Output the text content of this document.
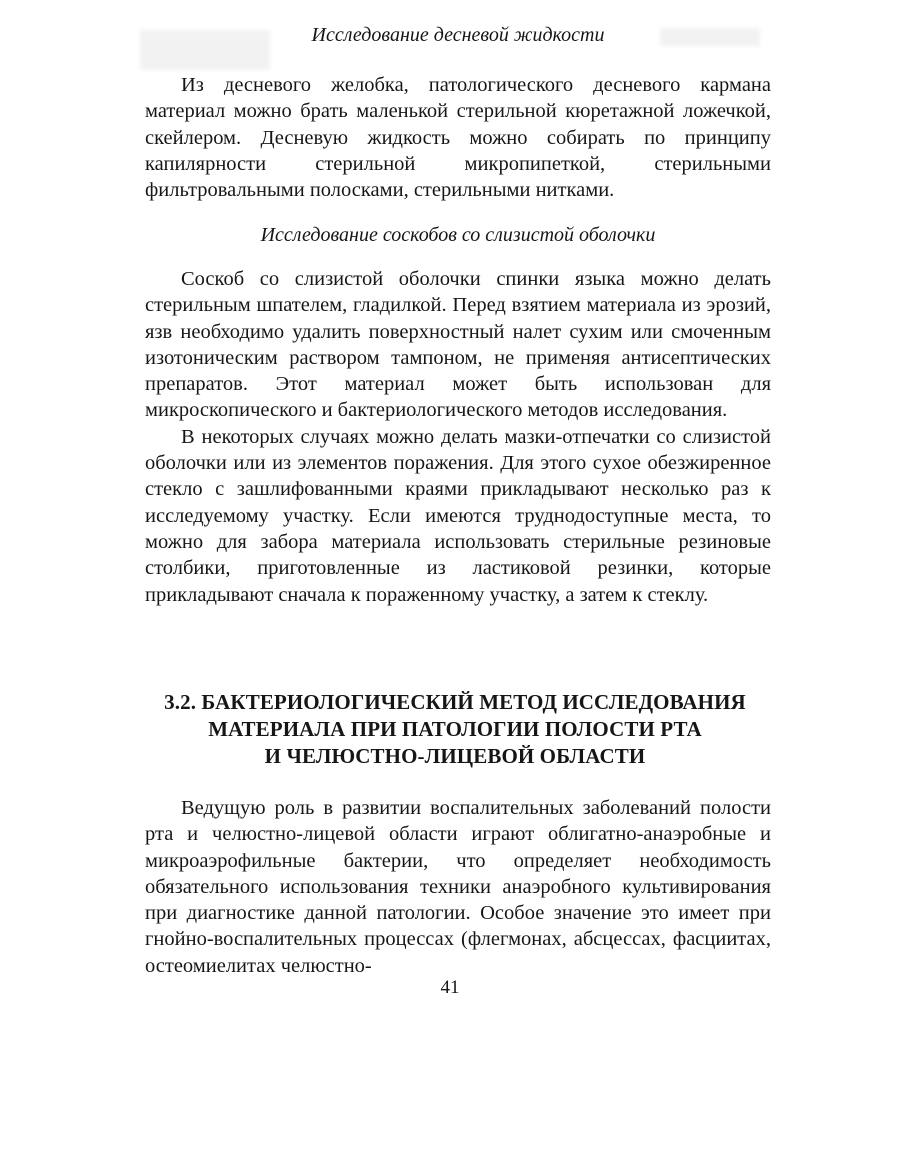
Исследование десневой жидкости

Из десневого желобка, патологического десневого кармана материал можно брать маленькой стерильной кюретажной ложечкой, скейлером. Десневую жидкость можно собирать по принципу капилярности стерильной микропипеткой, стерильными фильтровальными полосками, стерильными нитками.

Исследование соскобов со слизистой оболочки

Соскоб со слизистой оболочки спинки языка можно делать стерильным шпателем, гладилкой. Перед взятием материала из эрозий, язв необходимо удалить поверхностный налет сухим или смоченным изотоническим раствором тампоном, не применяя антисептических препаратов. Этот материал может быть использован для микроскопического и бактериологического методов исследования.

В некоторых случаях можно делать мазки-отпечатки со слизистой оболочки или из элементов поражения. Для этого сухое обезжиренное стекло с зашлифованными краями прикладывают несколько раз к исследуемому участку. Если имеются труднодоступные места, то можно для забора материала использовать стерильные резиновые столбики, приготовленные из ластиковой резинки, которые прикладывают сначала к пораженному участку, а затем к стеклу.

3.2. БАКТЕРИОЛОГИЧЕСКИЙ МЕТОД ИССЛЕДОВАНИЯ
МАТЕРИАЛА ПРИ ПАТОЛОГИИ ПОЛОСТИ РТА
И ЧЕЛЮСТНО-ЛИЦЕВОЙ ОБЛАСТИ

Ведущую роль в развитии воспалительных заболеваний полости рта и челюстно-лицевой области играют облигатно-анаэробные и микроаэрофильные бактерии, что определяет необходимость обязательного использования техники анаэробного культивирования при диагностике данной патологии. Особое значение это имеет при гнойно-воспалительных процессах (флегмонах, абсцессах, фасциитах, остеомиелитах челюстно-

41
